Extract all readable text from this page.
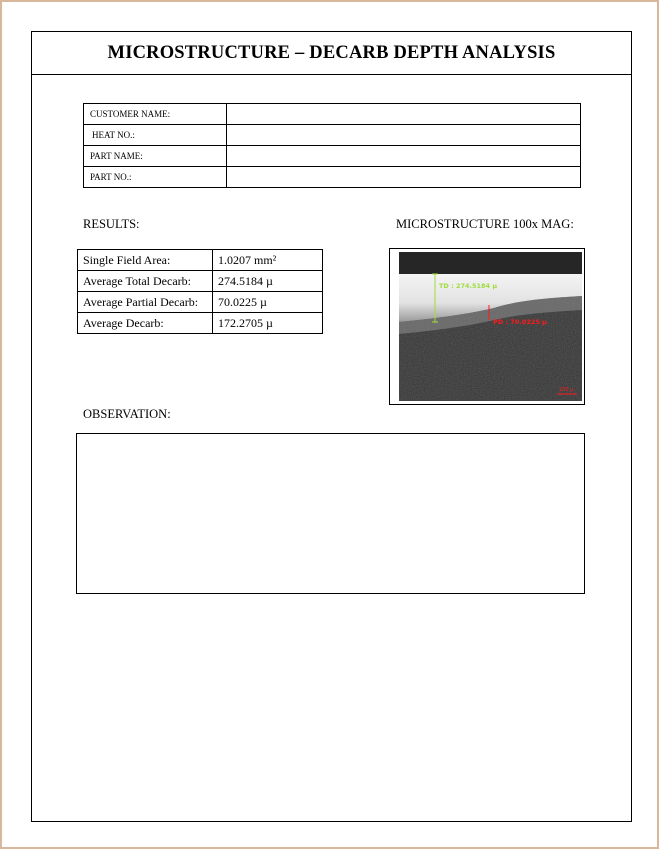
MICROSTRUCTURE – DECARB DEPTH ANALYSIS
CUSTOMER NAME:	
HEAT NO.:	
PART NAME:	
PART NO.:	
RESULTS:	MICROSTRUCTURE 100x MAG:
Single Field Area:	1.0207 mm²
Average Total Decarb:	274.5184 µ
Average Partial Decarb:	70.0225 µ
Average Decarb:	172.2705 µ
TD : 274.5184 µ
PD : 70.0225 µ
100 µ
OBSERVATION:
